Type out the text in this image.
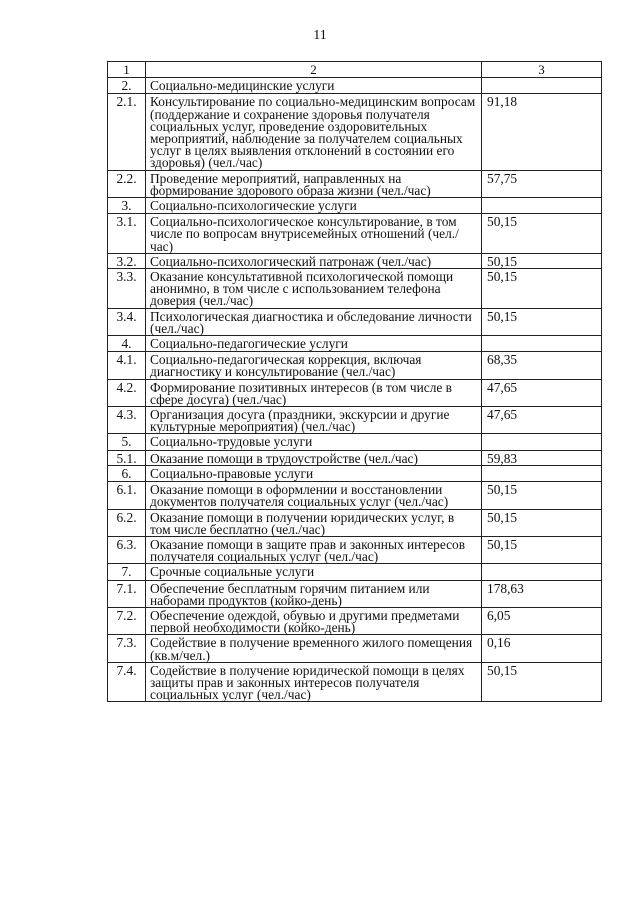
11
1	2	3
2.	Социально-медицинские услуги	
2.1.	Консультирование по социально-медицинским вопросам (поддержание и сохранение здоровья получателя социальных услуг, проведение оздоровительных мероприятий, наблюдение за получателем социальных услуг в целях выявления отклонений в состоянии его здоровья) (чел./час)	91,18
2.2.	Проведение мероприятий, направленных на формирование здорового образа жизни (чел./час)	57,75
3.	Социально-психологические услуги	
3.1.	Социально-психологическое консультирование, в том числе по вопросам внутрисемейных отношений (чел./час)	50,15
3.2.	Социально-психологический патронаж (чел./час)	50,15
3.3.	Оказание консультативной психологической помощи анонимно, в том числе с использованием телефона доверия (чел./час)	50,15
3.4.	Психологическая диагностика и обследование личности (чел./час)	50,15
4.	Социально-педагогические услуги	
4.1.	Социально-педагогическая коррекция, включая диагностику и консультирование (чел./час)	68,35
4.2.	Формирование позитивных интересов (в том числе в сфере досуга) (чел./час)	47,65
4.3.	Организация досуга (праздники, экскурсии и другие культурные мероприятия) (чел./час)	47,65
5.	Социально-трудовые услуги	
5.1.	Оказание помощи в трудоустройстве (чел./час)	59,83
6.	Социально-правовые услуги	
6.1.	Оказание помощи в оформлении и восстановлении документов получателя социальных услуг (чел./час)	50,15
6.2.	Оказание помощи в получении юридических услуг, в том числе бесплатно (чел./час)	50,15
6.3.	Оказание помощи в защите прав и законных интересов получателя социальных услуг (чел./час)	50,15
7.	Срочные социальные услуги	
7.1.	Обеспечение бесплатным горячим питанием или наборами продуктов (койко-день)	178,63
7.2.	Обеспечение одеждой, обувью и другими предметами первой необходимости (койко-день)	6,05
7.3.	Содействие в получение временного жилого помещения (кв.м/чел.)	0,16
7.4.	Содействие в получение юридической помощи в целях защиты прав и законных интересов получателя социальных услуг (чел./час)	50,15
